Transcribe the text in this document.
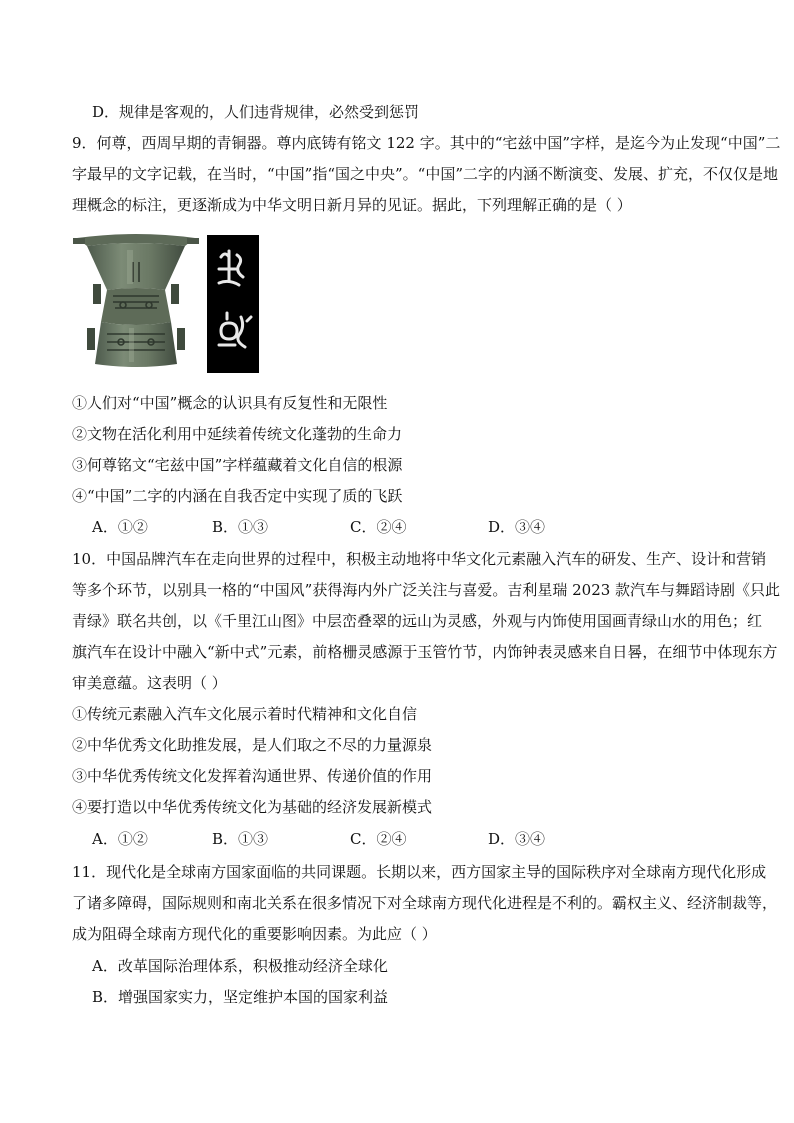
D．规律是客观的，人们违背规律，必然受到惩罚
9．何尊，西周早期的青铜器。尊内底铸有铭文 122 字。其中的“宅兹中国”字样，是迄今为止发现“中国”二
字最早的文字记载，在当时，“中国”指“国之中央”。“中国”二字的内涵不断演变、发展、扩充，不仅仅是地
理概念的标注，更逐渐成为中华文明日新月异的见证。据此，下列理解正确的是（ ）
①人们对“中国”概念的认识具有反复性和无限性
②文物在活化利用中延续着传统文化蓬勃的生命力
③何尊铭文“宅兹中国”字样蕴藏着文化自信的根源
④“中国”二字的内涵在自我否定中实现了质的飞跃
A．①②	B．①③	C．②④	D．③④
10．中国品牌汽车在走向世界的过程中，积极主动地将中华文化元素融入汽车的研发、生产、设计和营销
等多个环节，以别具一格的“中国风”获得海内外广泛关注与喜爱。吉利星瑞 2023 款汽车与舞蹈诗剧《只此
青绿》联名共创，以《千里江山图》中层峦叠翠的远山为灵感，外观与内饰使用国画青绿山水的用色；红
旗汽车在设计中融入“新中式”元素，前格栅灵感源于玉管竹节，内饰钟表灵感来自日晷，在细节中体现东方
审美意蕴。这表明（ ）
①传统元素融入汽车文化展示着时代精神和文化自信
②中华优秀文化助推发展，是人们取之不尽的力量源泉
③中华优秀传统文化发挥着沟通世界、传递价值的作用
④要打造以中华优秀传统文化为基础的经济发展新模式
A．①②	B．①③	C．②④	D．③④
11．现代化是全球南方国家面临的共同课题。长期以来，西方国家主导的国际秩序对全球南方现代化形成
了诸多障碍，国际规则和南北关系在很多情况下对全球南方现代化进程是不利的。霸权主义、经济制裁等，
成为阻碍全球南方现代化的重要影响因素。为此应（ ）
A．改革国际治理体系，积极推动经济全球化
B．增强国家实力，坚定维护本国的国家利益
